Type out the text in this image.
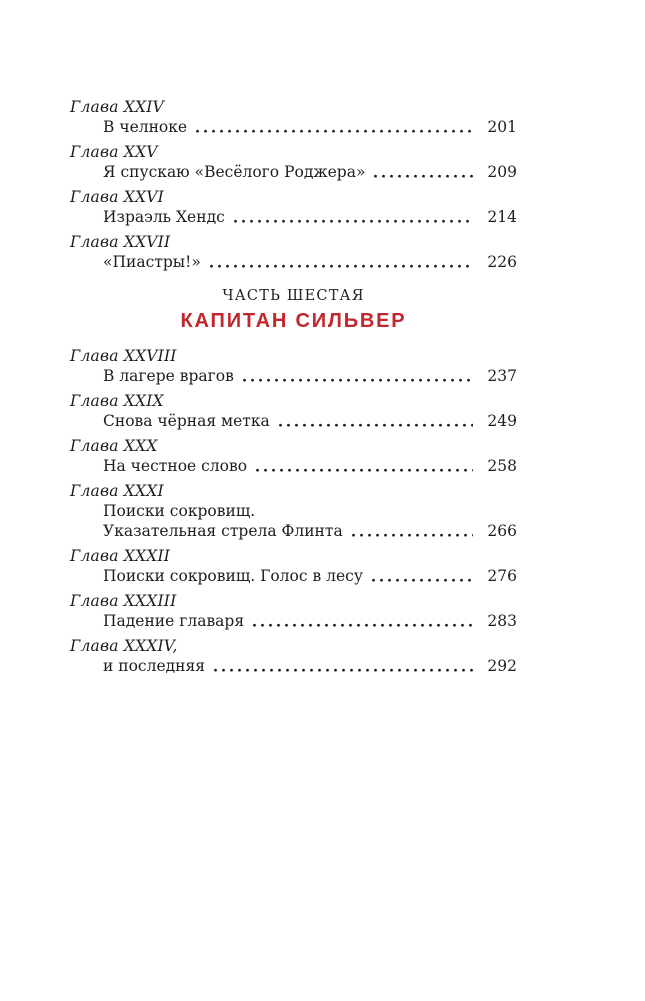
Глава XXIV
В челноке	201
Глава XXV
Я спускаю «Весёлого Роджера»	209
Глава XXVI
Израэль Хендс	214
Глава XXVII
«Пиастры!»	226
ЧАСТЬ ШЕСТАЯ
КАПИТАН СИЛЬВЕР
Глава XXVIII
В лагере врагов	237
Глава XXIX
Снова чёрная метка	249
Глава XXX
На честное слово	258
Глава XXXI
Поиски сокровищ.
Указательная стрела Флинта	266
Глава XXXII
Поиски сокровищ. Голос в лесу	276
Глава XXXIII
Падение главаря	283
Глава XXXIV,
и последняя	292
